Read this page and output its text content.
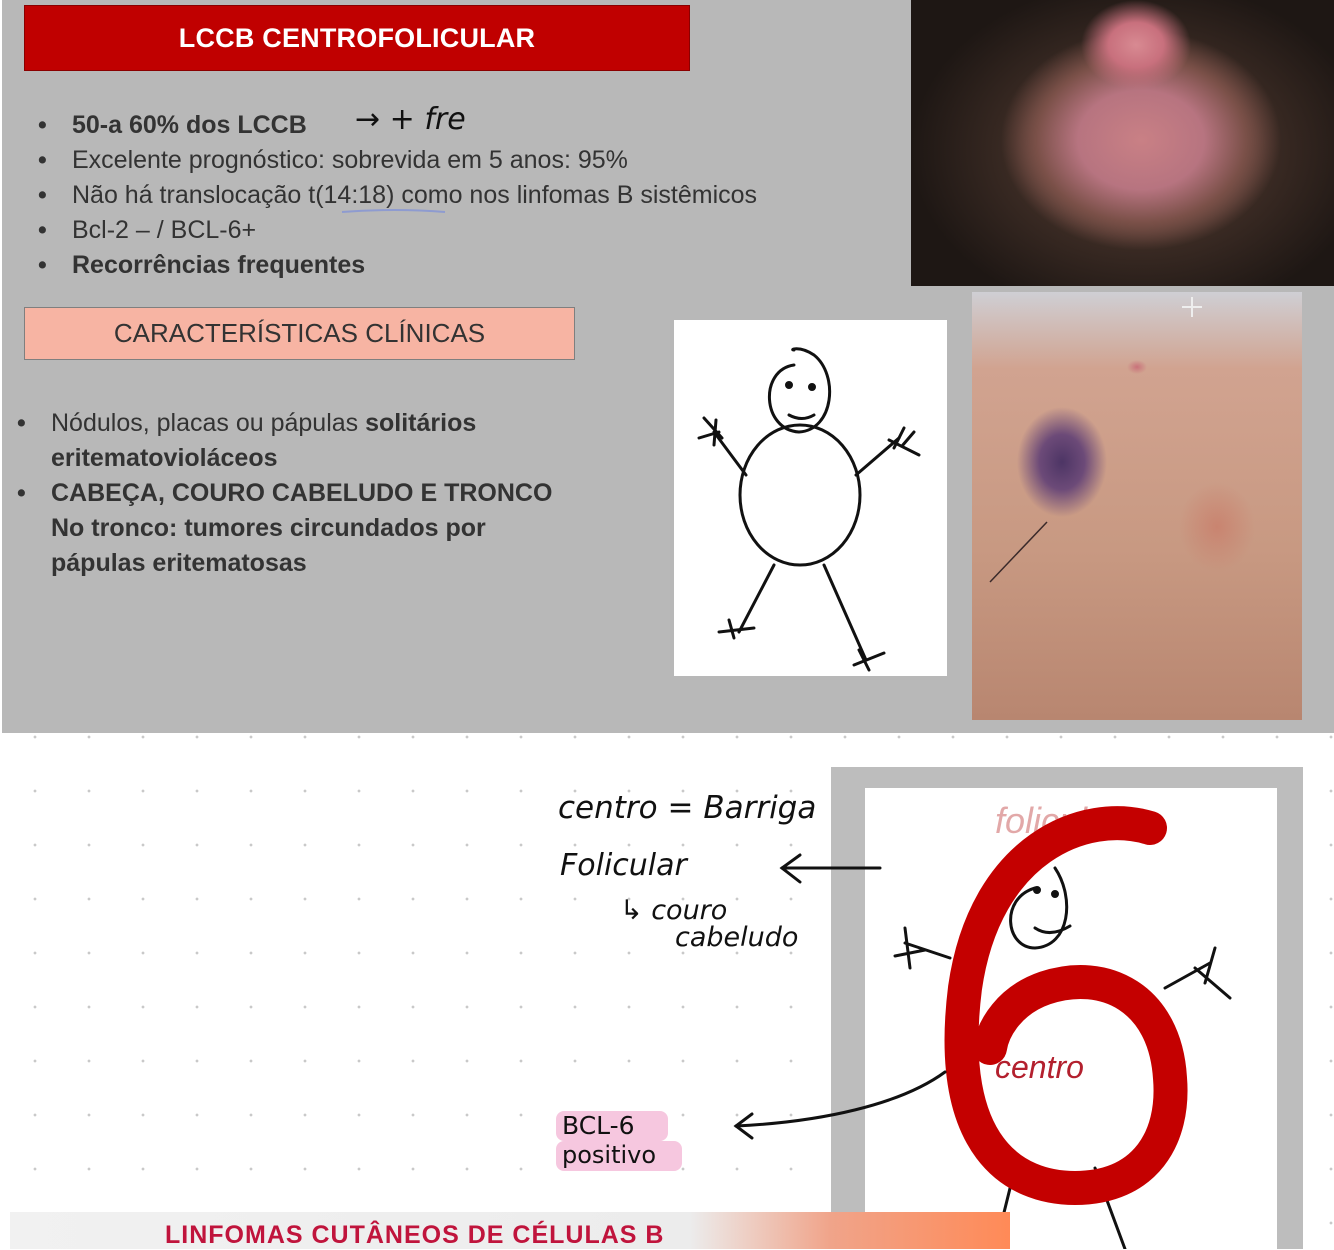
LCCB CENTROFOLICULAR
• 50-a 60% dos LCCB
• Excelente prognóstico: sobrevida em 5 anos: 95%
• Não há translocação t(14:18) como nos linfomas B sistêmicos
• Bcl-2 – / BCL-6+
• Recorrências frequentes
CARACTERÍSTICAS CLÍNICAS
• Nódulos, placas ou pápulas solitários
eritematovioláceos
• CABEÇA, COURO CABELUDO E TRONCO
No tronco: tumores circundados por
pápulas eritematosas
folicular
centro
centro = Barriga
Folicular
↳ couro
cabeludo
BCL-6
positivo
→ + fre
LINFOMAS CUTÂNEOS DE CÉLULAS B
